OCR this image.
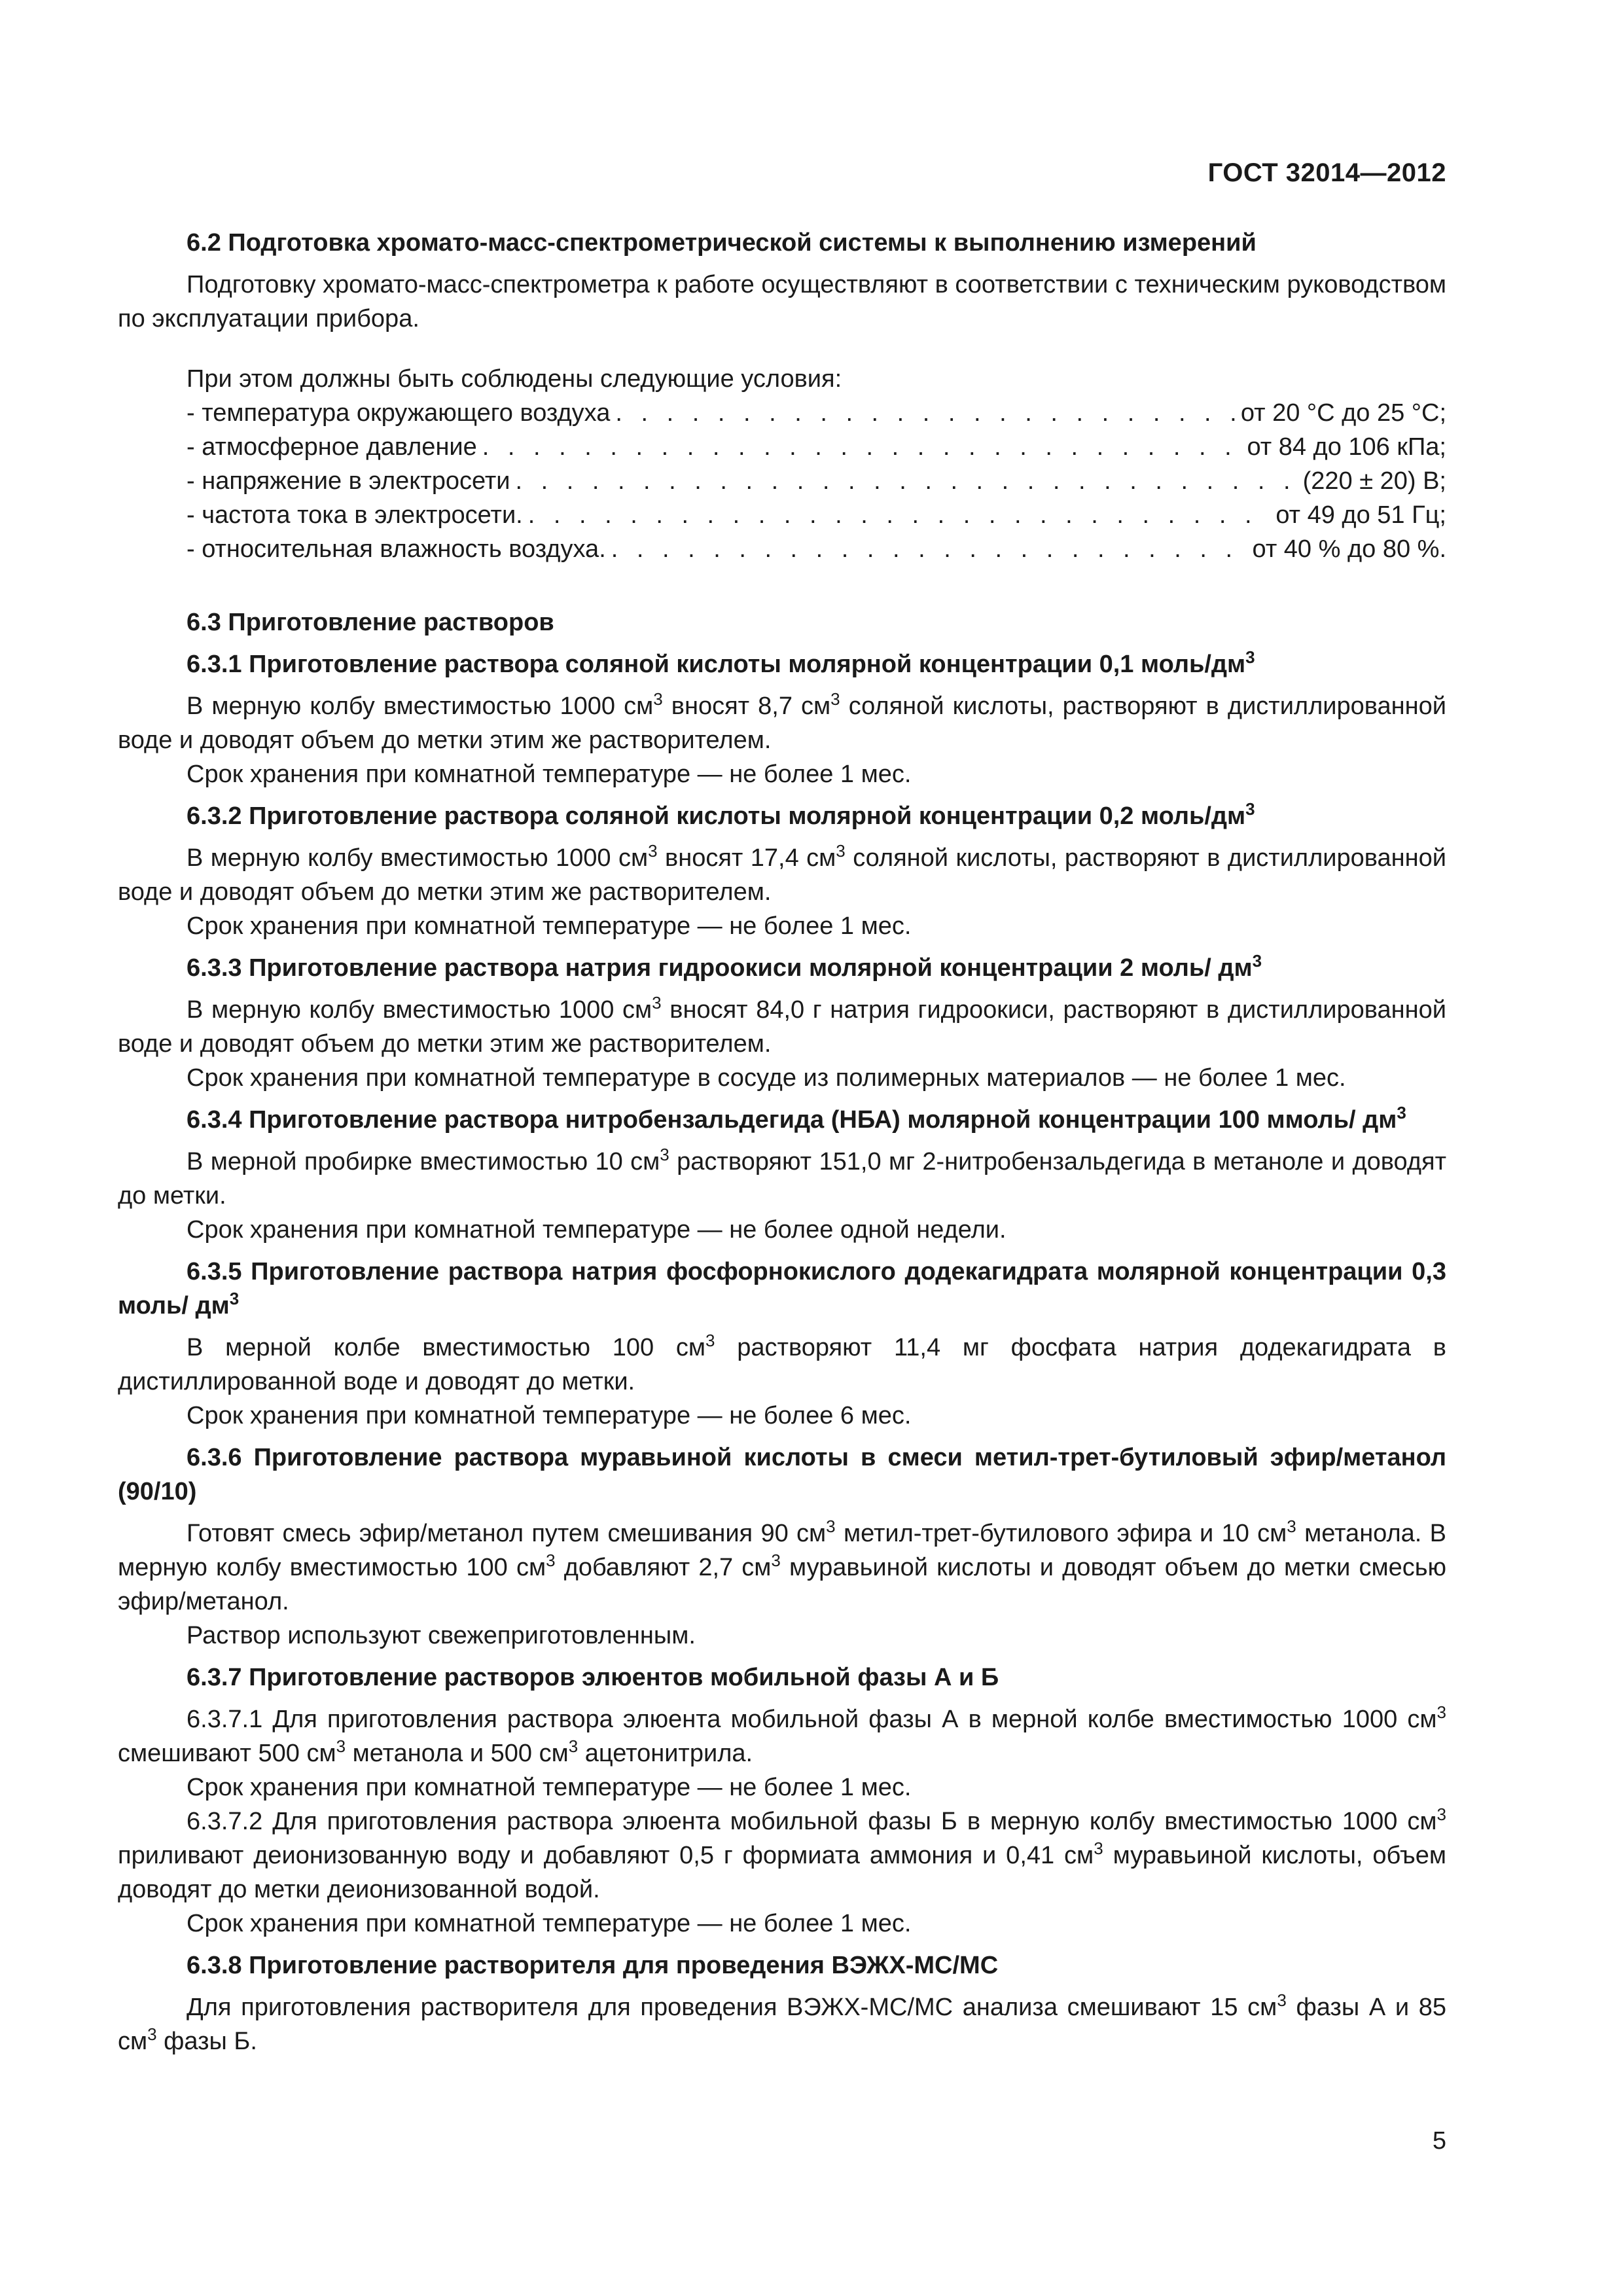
ГОСТ 32014—2012

6.2 Подготовка хромато-масс-спектрометрической системы к выполнению измерений

Подготовку хромато-масс-спектрометра к работе осуществляют в соответствии с техническим руководством по эксплуатации прибора.

При этом должны быть соблюдены следующие условия:

- температура окружающего воздуха . . .	от 20 °С до 25 °С;
- атмосферное давление . . .	от 84 до 106 кПа;
- напряжение в электросети . . .	(220 ± 20) В;
- частота тока в электросети. . . .	от 49 до 51 Гц;
- относительная влажность воздуха. . . .	от 40 % до 80 %.

6.3 Приготовление растворов

6.3.1 Приготовление раствора соляной кислоты молярной концентрации 0,1 моль/$дм^3$

В мерную колбу вместимостью 1000 $см^3$ вносят 8,7 $см^3$ соляной кислоты, растворяют в дистиллированной воде и доводят объем до метки этим же растворителем.

Срок хранения при комнатной температуре — не более 1 мес.

6.3.2 Приготовление раствора соляной кислоты молярной концентрации 0,2 моль/$дм^3$

В мерную колбу вместимостью 1000 $см^3$ вносят 17,4 $см^3$ соляной кислоты, растворяют в дистиллированной воде и доводят объем до метки этим же растворителем.

Срок хранения при комнатной температуре — не более 1 мес.

6.3.3 Приготовление раствора натрия гидроокиси молярной концентрации 2 моль/ $дм^3$

В мерную колбу вместимостью 1000 $см^3$ вносят 84,0 г натрия гидроокиси, растворяют в дистиллированной воде и доводят объем до метки этим же растворителем.

Срок хранения при комнатной температуре в сосуде из полимерных материалов — не более 1 мес.

6.3.4 Приготовление раствора нитробензальдегида (НБА) молярной концентрации 100 ммоль/ $дм^3$

В мерной пробирке вместимостью 10 $см^3$ растворяют 151,0 мг 2-нитробензальдегида в метаноле и доводят до метки.

Срок хранения при комнатной температуре — не более одной недели.

6.3.5 Приготовление раствора натрия фосфорнокислого додекагидрата молярной концентрации 0,3 моль/ $дм^3$

В мерной колбе вместимостью 100 $см^3$ растворяют 11,4 мг фосфата натрия додекагидрата в дистиллированной воде и доводят до метки.

Срок хранения при комнатной температуре — не более 6 мес.

6.3.6 Приготовление раствора муравьиной кислоты в смеси метил-трет-бутиловый эфир/метанол (90/10)

Готовят смесь эфир/метанол путем смешивания 90 $см^3$ метил-трет-бутилового эфира и 10 $см^3$ метанола. В мерную колбу вместимостью 100 $см^3$ добавляют 2,7 $см^3$ муравьиной кислоты и доводят объем до метки смесью эфир/метанол.

Раствор используют свежеприготовленным.

6.3.7 Приготовление растворов элюентов мобильной фазы А и Б

6.3.7.1 Для приготовления раствора элюента мобильной фазы А в мерной колбе вместимостью 1000 $см^3$ смешивают 500 $см^3$ метанола и 500 $см^3$ ацетонитрила.

Срок хранения при комнатной температуре — не более 1 мес.

6.3.7.2 Для приготовления раствора элюента мобильной фазы Б в мерную колбу вместимостью 1000 $см^3$ приливают деионизованную воду и добавляют 0,5 г формиата аммония и 0,41 $см^3$ муравьиной кислоты, объем доводят до метки деионизованной водой.

Срок хранения при комнатной температуре — не более 1 мес.

6.3.8 Приготовление растворителя для проведения ВЭЖХ-МС/МС

Для приготовления растворителя для проведения ВЭЖХ-МС/МС анализа смешивают 15 $см^3$ фазы А и 85 $см^3$ фазы Б.

5
